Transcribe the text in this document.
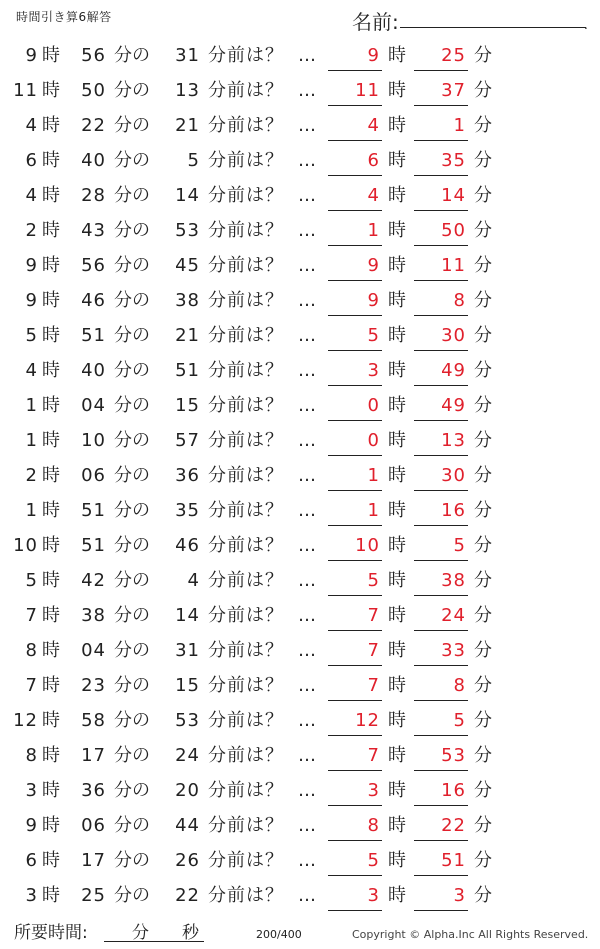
時間引き算6解答	名前:	.
9 時	56 分の	31 分前は？ …	9 時	25 分
11 時	50 分の	13 分前は？ …	11 時	37 分
4 時	22 分の	21 分前は？ …	4 時	1 分
6 時	40 分の	5 分前は？ …	6 時	35 分
4 時	28 分の	14 分前は？ …	4 時	14 分
2 時	43 分の	53 分前は？ …	1 時	50 分
9 時	56 分の	45 分前は？ …	9 時	11 分
9 時	46 分の	38 分前は？ …	9 時	8 分
5 時	51 分の	21 分前は？ …	5 時	30 分
4 時	40 分の	51 分前は？ …	3 時	49 分
1 時	04 分の	15 分前は？ …	0 時	49 分
1 時	10 分の	57 分前は？ …	0 時	13 分
2 時	06 分の	36 分前は？ …	1 時	30 分
1 時	51 分の	35 分前は？ …	1 時	16 分
10 時	51 分の	46 分前は？ …	10 時	5 分
5 時	42 分の	4 分前は？ …	5 時	38 分
7 時	38 分の	14 分前は？ …	7 時	24 分
8 時	04 分の	31 分前は？ …	7 時	33 分
7 時	23 分の	15 分前は？ …	7 時	8 分
12 時	58 分の	53 分前は？ …	12 時	5 分
8 時	17 分の	24 分前は？ …	7 時	53 分
3 時	36 分の	20 分前は？ …	3 時	16 分
9 時	06 分の	44 分前は？ …	8 時	22 分
6 時	17 分の	26 分前は？ …	5 時	51 分
3 時	25 分の	22 分前は？ …	3 時	3 分
所要時間:	分 秒	200/400	Copyright © Alpha.Inc All Rights Reserved.
